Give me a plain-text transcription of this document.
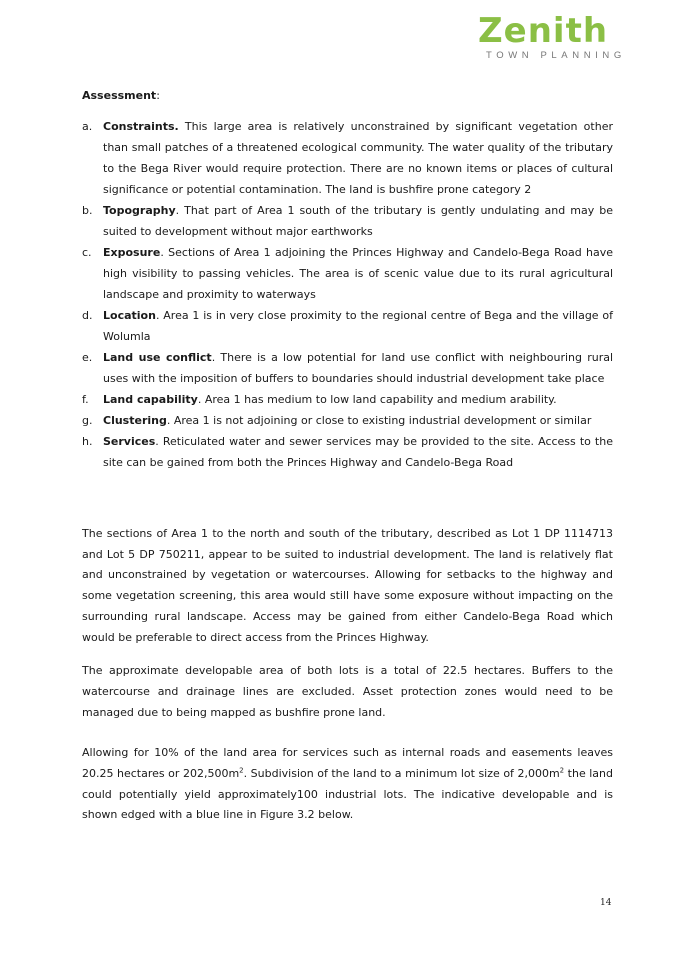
Zenith
TOWN PLANNING

Assessment:

a. Constraints. This large area is relatively unconstrained by significant vegetation other than small patches of a threatened ecological community. The water quality of the tributary to the Bega River would require protection. There are no known items or places of cultural significance or potential contamination. The land is bushfire prone category 2
b. Topography. That part of Area 1 south of the tributary is gently undulating and may be suited to development without major earthworks
c. Exposure. Sections of Area 1 adjoining the Princes Highway and Candelo-Bega Road have high visibility to passing vehicles. The area is of scenic value due to its rural agricultural landscape and proximity to waterways
d. Location. Area 1 is in very close proximity to the regional centre of Bega and the village of Wolumla
e. Land use conflict. There is a low potential for land use conflict with neighbouring rural uses with the imposition of buffers to boundaries should industrial development take place
f. Land capability. Area 1 has medium to low land capability and medium arability.
g. Clustering. Area 1 is not adjoining or close to existing industrial development or similar
h. Services. Reticulated water and sewer services may be provided to the site. Access to the site can be gained from both the Princes Highway and Candelo-Bega Road

The sections of Area 1 to the north and south of the tributary, described as Lot 1 DP 1114713 and Lot 5 DP 750211, appear to be suited to industrial development. The land is relatively flat and unconstrained by vegetation or watercourses. Allowing for setbacks to the highway and some vegetation screening, this area would still have some exposure without impacting on the surrounding rural landscape. Access may be gained from either Candelo-Bega Road which would be preferable to direct access from the Princes Highway.

The approximate developable area of both lots is a total of 22.5 hectares. Buffers to the watercourse and drainage lines are excluded. Asset protection zones would need to be managed due to being mapped as bushfire prone land.

Allowing for 10% of the land area for services such as internal roads and easements leaves 20.25 hectares or $202,500m^2$. Subdivision of the land to a minimum lot size of $2,000m^2$ the land could potentially yield approximately100 industrial lots. The indicative developable and is shown edged with a blue line in Figure 3.2 below.

14
